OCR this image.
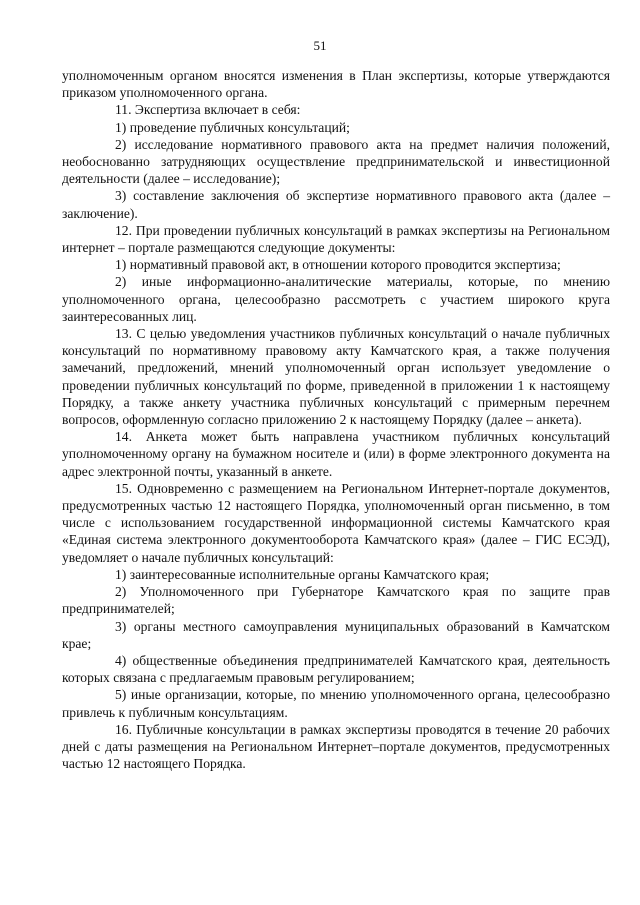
51

уполномоченным органом вносятся изменения в План экспертизы, которые утверждаются приказом уполномоченного органа.

11. Экспертиза включает в себя:

1) проведение публичных консультаций;

2) исследование нормативного правового акта на предмет наличия положений, необоснованно затрудняющих осуществление предпринимательской и инвестиционной деятельности (далее – исследование);

3) составление заключения об экспертизе нормативного правового акта (далее – заключение).

12. При проведении публичных консультаций в рамках экспертизы на Региональном интернет – портале размещаются следующие документы:

1) нормативный правовой акт, в отношении которого проводится экспертиза;

2) иные информационно-аналитические материалы, которые, по мнению уполномоченного органа, целесообразно рассмотреть с участием широкого круга заинтересованных лиц.

13. С целью уведомления участников публичных консультаций о начале публичных консультаций по нормативному правовому акту Камчатского края, а также получения замечаний, предложений, мнений уполномоченный орган использует уведомление о проведении публичных консультаций по форме, приведенной в приложении 1 к настоящему Порядку, а также анкету участника публичных консультаций с примерным перечнем вопросов, оформленную согласно приложению 2 к настоящему Порядку (далее – анкета).

14. Анкета может быть направлена участником публичных консультаций уполномоченному органу на бумажном носителе и (или) в форме электронного документа на адрес электронной почты, указанный в анкете.

15. Одновременно с размещением на Региональном Интернет-портале документов, предусмотренных частью 12 настоящего Порядка, уполномоченный орган письменно, в том числе с использованием государственной информационной системы Камчатского края «Единая система электронного документооборота Камчатского края» (далее – ГИС ЕСЭД), уведомляет о начале публичных консультаций:

1) заинтересованные исполнительные органы Камчатского края;

2) Уполномоченного при Губернаторе Камчатского края по защите прав предпринимателей;

3) органы местного самоуправления муниципальных образований в Камчатском крае;

4) общественные объединения предпринимателей Камчатского края, деятельность которых связана с предлагаемым правовым регулированием;

5) иные организации, которые, по мнению уполномоченного органа, целесообразно привлечь к публичным консультациям.

16. Публичные консультации в рамках экспертизы проводятся в течение 20 рабочих дней с даты размещения на Региональном Интернет–портале документов, предусмотренных частью 12 настоящего Порядка.
